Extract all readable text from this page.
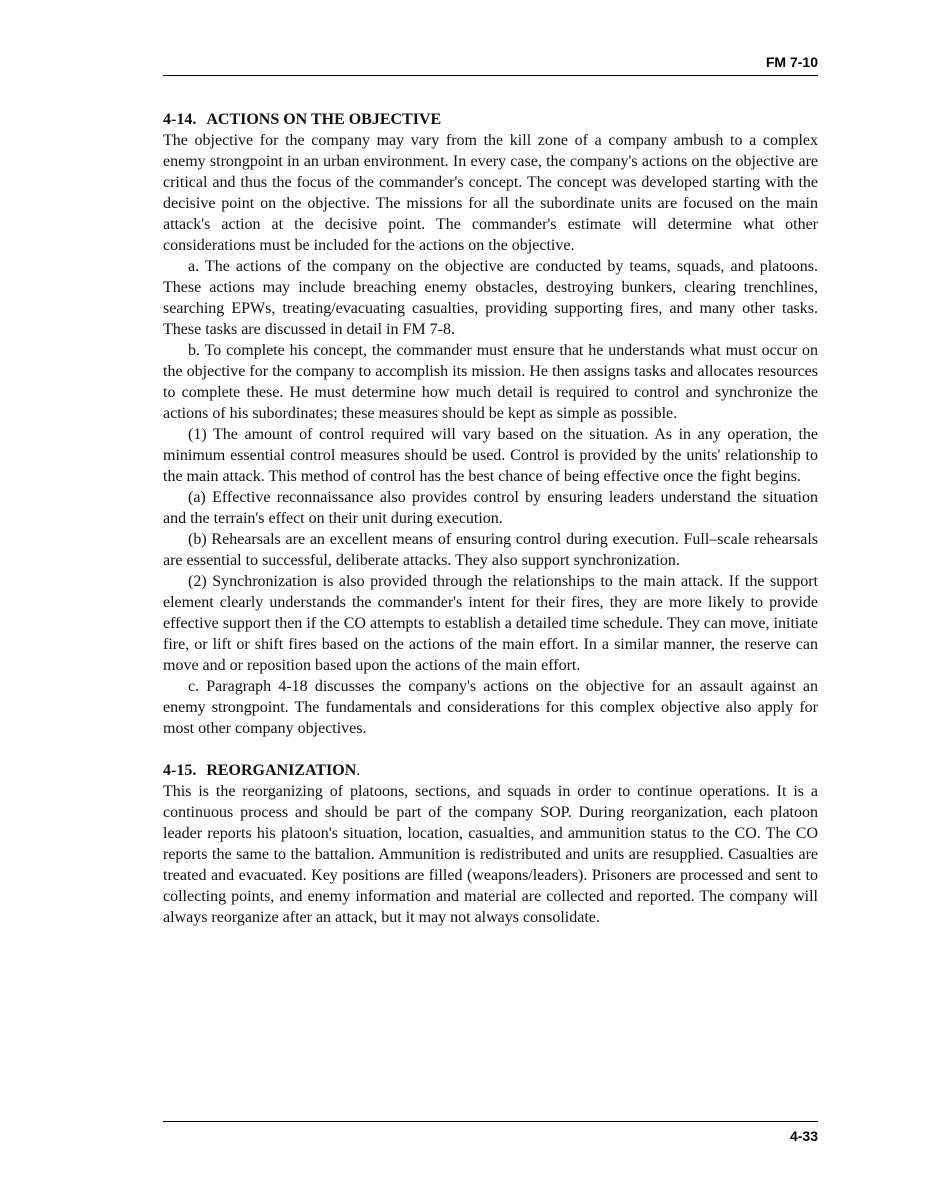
FM 7-10
4-14. ACTIONS ON THE OBJECTIVE

The objective for the company may vary from the kill zone of a company ambush to a complex enemy strongpoint in an urban environment. In every case, the company's actions on the objective are critical and thus the focus of the commander's concept. The concept was developed starting with the decisive point on the objective. The missions for all the subordinate units are focused on the main attack's action at the decisive point. The commander's estimate will determine what other considerations must be included for the actions on the objective.

a. The actions of the company on the objective are conducted by teams, squads, and platoons. These actions may include breaching enemy obstacles, destroying bunkers, clearing trenchlines, searching EPWs, treating/evacuating casualties, providing supporting fires, and many other tasks. These tasks are discussed in detail in FM 7-8.

b. To complete his concept, the commander must ensure that he understands what must occur on the objective for the company to accomplish its mission. He then assigns tasks and allocates resources to complete these. He must determine how much detail is required to control and synchronize the actions of his subordinates; these measures should be kept as simple as possible.

(1) The amount of control required will vary based on the situation. As in any operation, the minimum essential control measures should be used. Control is provided by the units' relationship to the main attack. This method of control has the best chance of being effective once the fight begins.

(a) Effective reconnaissance also provides control by ensuring leaders understand the situation and the terrain's effect on their unit during execution.

(b) Rehearsals are an excellent means of ensuring control during execution. Full–scale rehearsals are essential to successful, deliberate attacks. They also support synchronization.

(2) Synchronization is also provided through the relationships to the main attack. If the support element clearly understands the commander's intent for their fires, they are more likely to provide effective support then if the CO attempts to establish a detailed time schedule. They can move, initiate fire, or lift or shift fires based on the actions of the main effort. In a similar manner, the reserve can move and or reposition based upon the actions of the main effort.

c. Paragraph 4-18 discusses the company's actions on the objective for an assault against an enemy strongpoint. The fundamentals and considerations for this complex objective also apply for most other company objectives.

4-15. REORGANIZATION.

This is the reorganizing of platoons, sections, and squads in order to continue operations. It is a continuous process and should be part of the company SOP. During reorganization, each platoon leader reports his platoon's situation, location, casualties, and ammunition status to the CO. The CO reports the same to the battalion. Ammunition is redistributed and units are resupplied. Casualties are treated and evacuated. Key positions are filled (weapons/leaders). Prisoners are processed and sent to collecting points, and enemy information and material are collected and reported. The company will always reorganize after an attack, but it may not always consolidate.

4-33
